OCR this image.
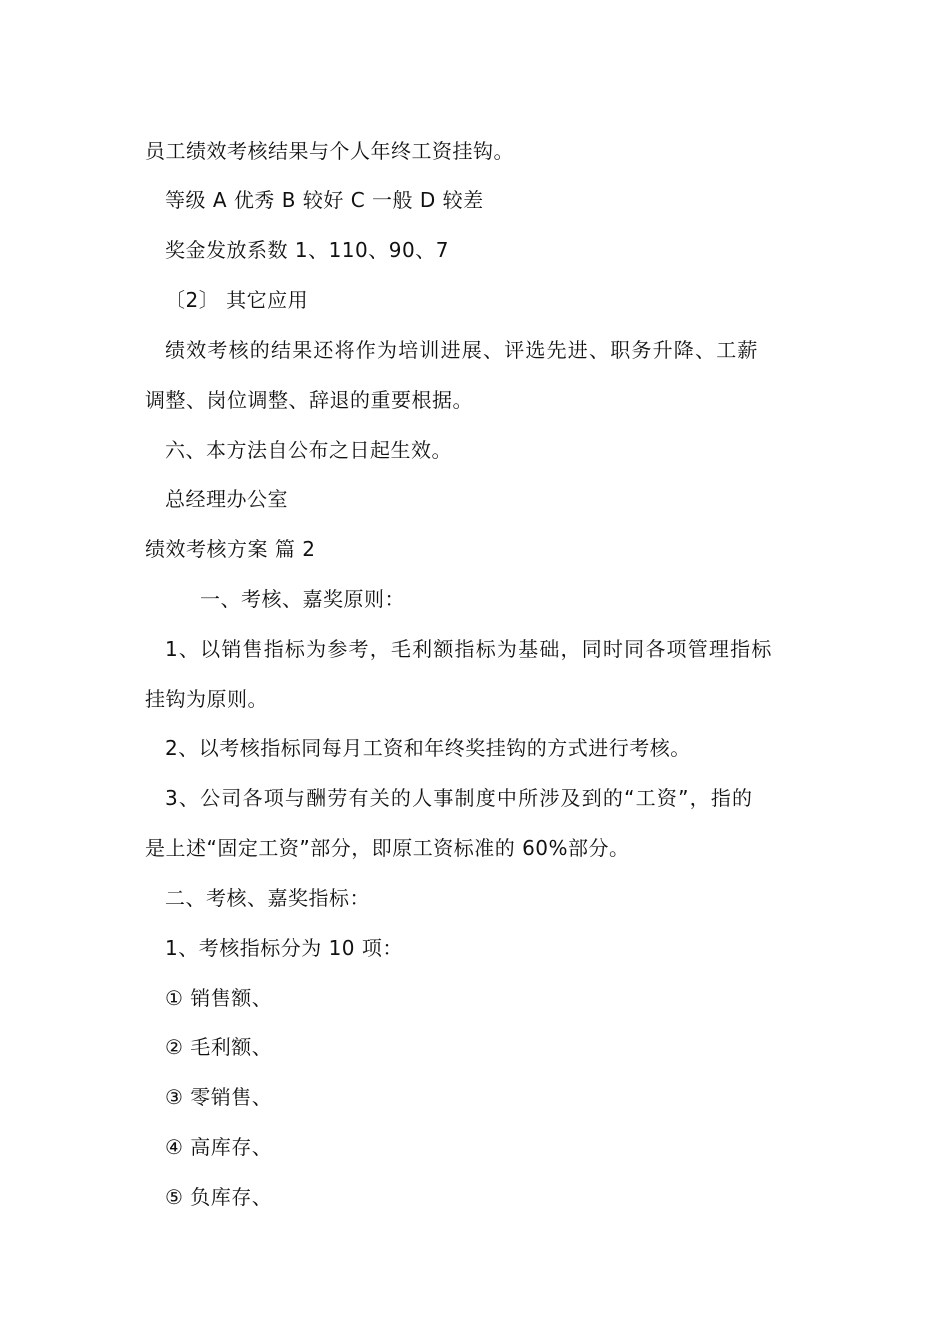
员工绩效考核结果与个人年终工资挂钩。
等级 A 优秀 B 较好 C 一般 D 较差
奖金发放系数 1、110、90、7
〔2〕 其它应用
绩效考核的结果还将作为培训进展、评选先进、职务升降、工薪
调整、岗位调整、辞退的重要根据。
六、本方法自公布之日起生效。
总经理办公室
绩效考核方案 篇 2
一、考核、嘉奖原则：
1、以销售指标为参考，毛利额指标为基础，同时同各项管理指标
挂钩为原则。
2、以考核指标同每月工资和年终奖挂钩的方式进行考核。
3、公司各项与酬劳有关的人事制度中所涉及到的“工资”，指的
是上述“固定工资”部分，即原工资标准的 60%部分。
二、考核、嘉奖指标：
1、考核指标分为 10 项：
① 销售额、
② 毛利额、
③ 零销售、
④ 高库存、
⑤ 负库存、
